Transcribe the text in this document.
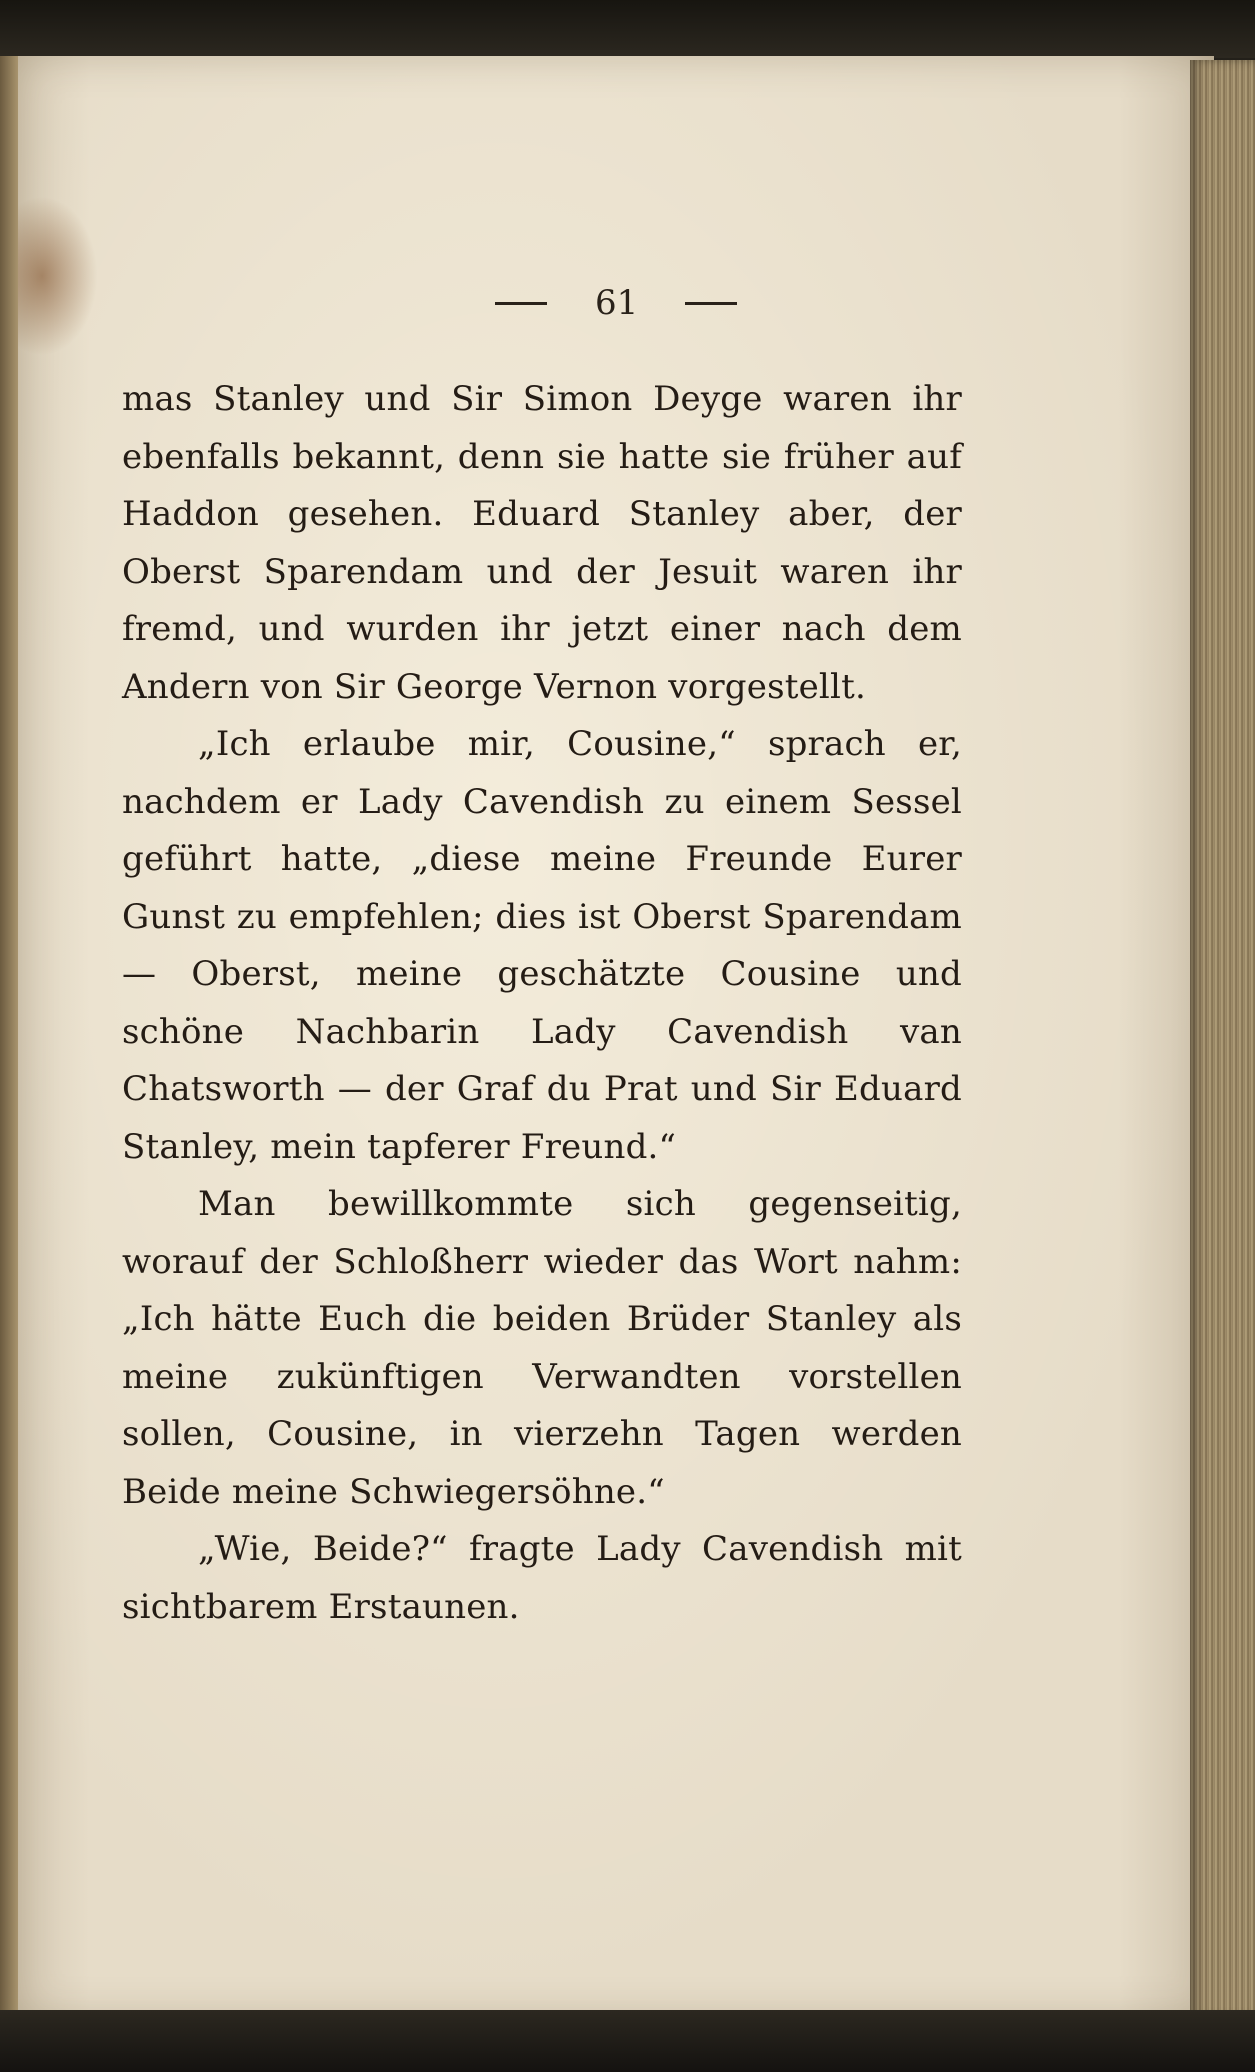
61

mas Stanley und Sir Simon Deyge waren ihr ebenfalls bekannt, denn sie hatte sie früher auf Haddon gesehen. Eduard Stanley aber, der Oberst Sparendam und der Jesuit waren ihr fremd, und wurden ihr jetzt einer nach dem Andern von Sir George Vernon vorgestellt.

„Ich erlaube mir, Cousine,“ sprach er, nachdem er Lady Cavendish zu einem Sessel geführt hatte, „diese meine Freunde Eurer Gunst zu empfehlen; dies ist Oberst Sparendam — Oberst, meine geschätzte Cousine und schöne Nachbarin Lady Cavendish van Chatsworth — der Graf du Prat und Sir Eduard Stanley, mein tapferer Freund.“

Man bewillkommte sich gegenseitig, worauf der Schloßherr wieder das Wort nahm: „Ich hätte Euch die beiden Brüder Stanley als meine zukünftigen Verwandten vorstellen sollen, Cousine, in vierzehn Tagen werden Beide meine Schwiegersöhne.“

„Wie, Beide?“ fragte Lady Cavendish mit sichtbarem Erstaunen.
